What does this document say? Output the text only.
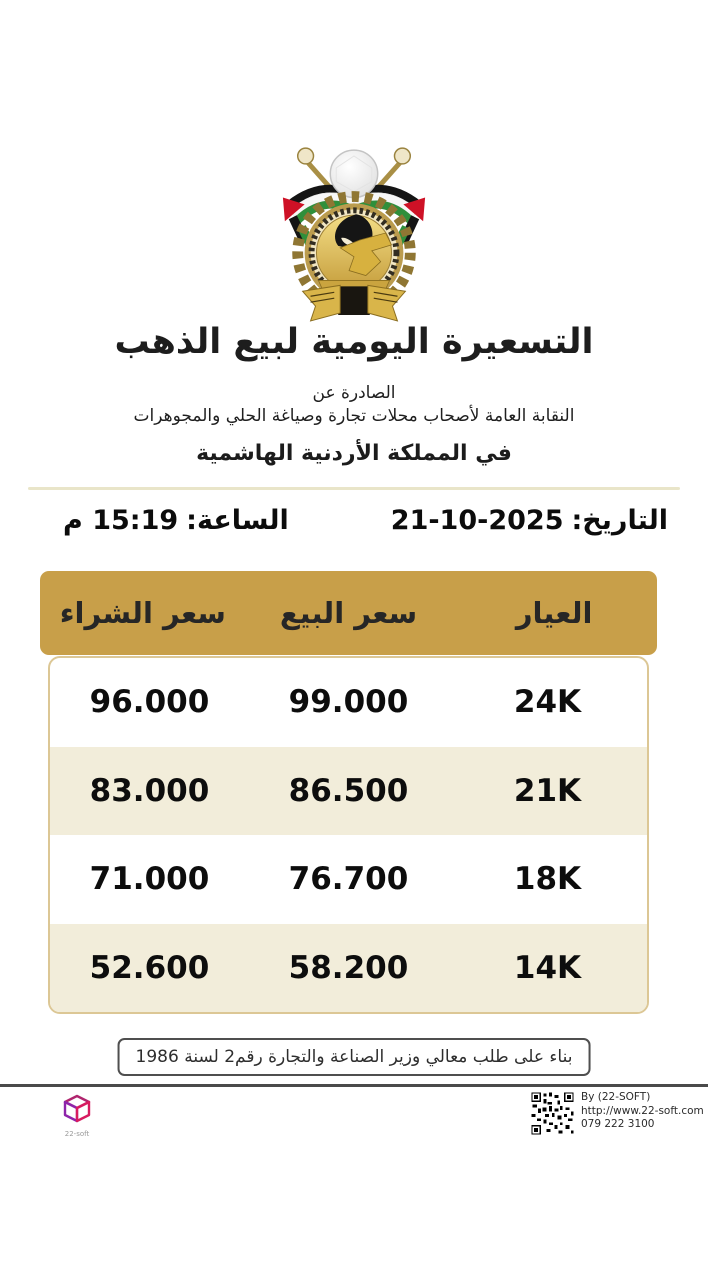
التسعيرة اليومية لبيع الذهب
الصادرة عن
النقابة العامة لأصحاب محلات تجارة وصياغة الحلي والمجوهرات
في المملكة الأردنية الهاشمية
التاريخ:21-10-2025
الساعة:15:19 م
العيار
سعر البيع
سعر الشراء
24K
99.000
96.000
21K
86.500
83.000
18K
76.700
71.000
14K
58.200
52.600
بناء على طلب معالي وزير الصناعة والتجارة رقم2 لسنة 1986
22-soft
By (22-SOFT)
http://www.22-soft.com
079 222 3100
